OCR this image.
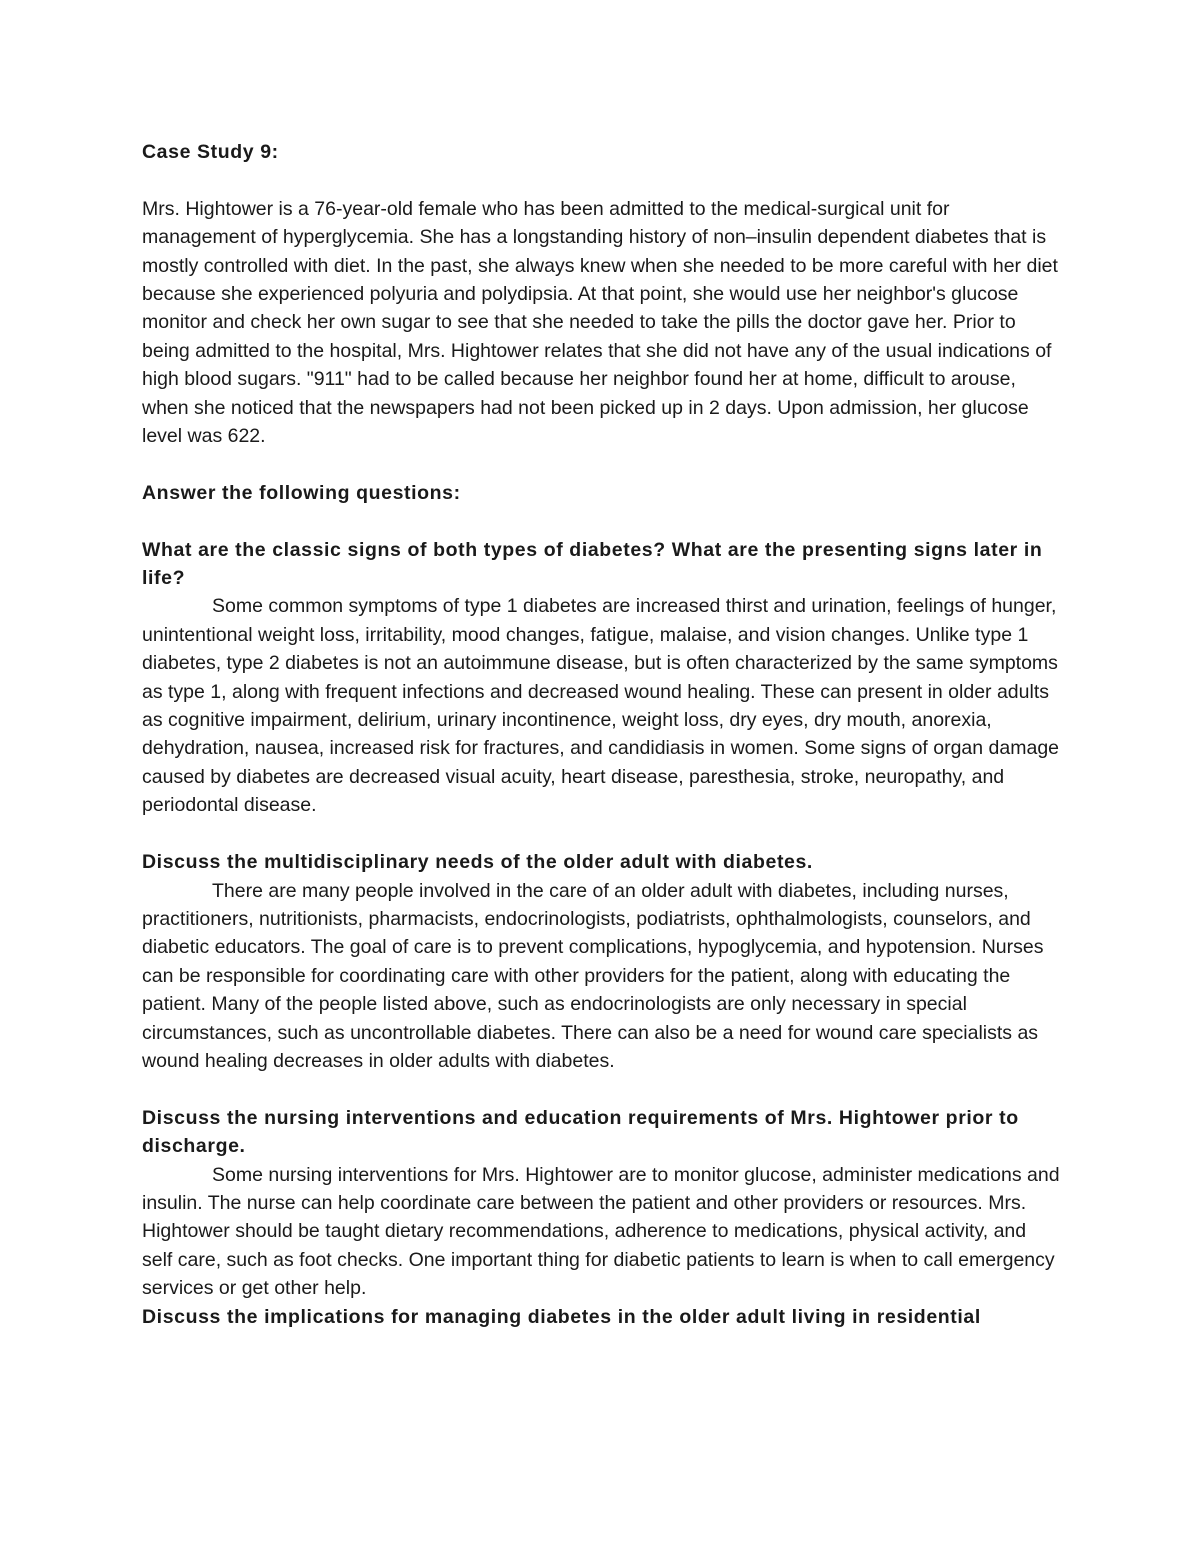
Case Study 9:

Mrs. Hightower is a 76-year-old female who has been admitted to the medical-surgical unit for management of hyperglycemia. She has a longstanding history of non–insulin dependent diabetes that is mostly controlled with diet. In the past, she always knew when she needed to be more careful with her diet because she experienced polyuria and polydipsia. At that point, she would use her neighbor's glucose monitor and check her own sugar to see that she needed to take the pills the doctor gave her. Prior to being admitted to the hospital, Mrs. Hightower relates that she did not have any of the usual indications of high blood sugars. "911" had to be called because her neighbor found her at home, difficult to arouse, when she noticed that the newspapers had not been picked up in 2 days. Upon admission, her glucose level was 622.

Answer the following questions:

What are the classic signs of both types of diabetes? What are the presenting signs later in life?

Some common symptoms of type 1 diabetes are increased thirst and urination, feelings of hunger, unintentional weight loss, irritability, mood changes, fatigue, malaise, and vision changes. Unlike type 1 diabetes, type 2 diabetes is not an autoimmune disease, but is often characterized by the same symptoms as type 1, along with frequent infections and decreased wound healing. These can present in older adults as cognitive impairment, delirium, urinary incontinence, weight loss, dry eyes, dry mouth, anorexia, dehydration, nausea, increased risk for fractures, and candidiasis in women. Some signs of organ damage caused by diabetes are decreased visual acuity, heart disease, paresthesia, stroke, neuropathy, and periodontal disease.

Discuss the multidisciplinary needs of the older adult with diabetes.

There are many people involved in the care of an older adult with diabetes, including nurses, practitioners, nutritionists, pharmacists, endocrinologists, podiatrists, ophthalmologists, counselors, and diabetic educators. The goal of care is to prevent complications, hypoglycemia, and hypotension. Nurses can be responsible for coordinating care with other providers for the patient, along with educating the patient. Many of the people listed above, such as endocrinologists are only necessary in special circumstances, such as uncontrollable diabetes. There can also be a need for wound care specialists as wound healing decreases in older adults with diabetes.

Discuss the nursing interventions and education requirements of Mrs. Hightower prior to discharge.

Some nursing interventions for Mrs. Hightower are to monitor glucose, administer medications and insulin. The nurse can help coordinate care between the patient and other providers or resources. Mrs. Hightower should be taught dietary recommendations, adherence to medications, physical activity, and self care, such as foot checks. One important thing for diabetic patients to learn is when to call emergency services or get other help.

Discuss the implications for managing diabetes in the older adult living in residential
